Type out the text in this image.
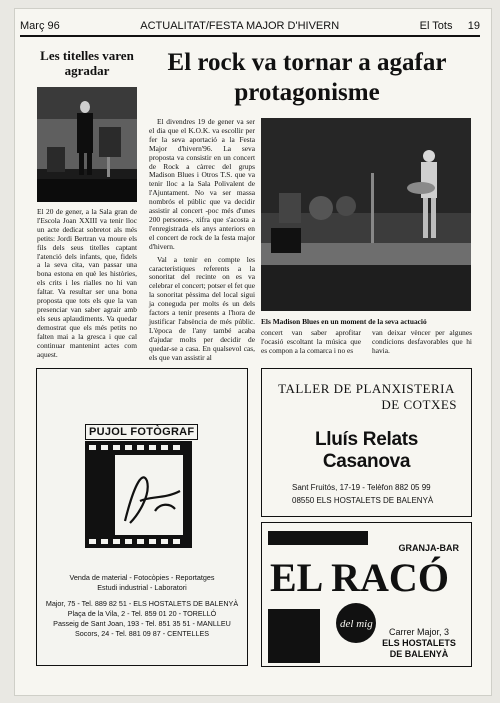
Març 96	ACTUALITAT/FESTA MAJOR D'HIVERN	El Tots 19
Les titelles varen agradar
El 20 de gener, a la Sala gran de l'Escola Joan XXIII va tenir lloc un acte dedicat sobretot als més petits: Jordi Bertran va moure els fils dels seus titelles captant l'atenció dels infants, que, fidels a la seva cita, van passar una bona estona en què les històries, els crits i les rialles no hi van faltar. Va resultar ser una bona proposta que tots els que la van presenciar van saber agrair amb els seus aplaudiments. Va quedar demostrat que els més petits no falten mai a la gresca i que cal continuar mantenint actes com aquest.
El rock va tornar a agafar protagonisme

El divendres 19 de gener va ser el dia que el K.O.K. va escollir per fer la seva aportació a la Festa Major d'hivern'96. La seva proposta va consistir en un concert de Rock a càrrec del grups Madison Blues i Otros T.S. que va tenir lloc a la Sala Polivalent de l'Ajuntament. No va ser massa nombrós el públic que va decidir assistir al concert -poc més d'unes 200 persones-, xifra que s'acosta a l'enregistrada els anys anteriors en el concert de rock de la festa major d'hivern.

Val a tenir en compte les característiques referents a la sonoritat del recinte on es va celebrar el concert; potser el fet que la sonoritat pèssima del local sigui ja coneguda per molts és un dels factors a tenir presents a l'hora de justificar l'absència de més públic. L'època de l'any també acaba d'ajudar molts per decidir de quedar-se a casa. En qualsevol cas, els que van assistir al

Els Madison Blues en un moment de la seva actuació
concert van saber aprofitar l'ocasió escoltant la música que es compon a la comarca i no es
van deixar vèncer per algunes condicions desfavorables que hi havia.
PUJOL FOTÒGRAF
Venda de material - Fotocòpies - Reportatges
Estudi industrial - Laboratori
Major, 75 - Tel. 889 82 51 - ELS HOSTALETS DE BALENYÀ
Plaça de la Vila, 2 - Tel. 859 01 20 - TORELLÓ
Passeig de Sant Joan, 193 - Tel. 851 35 51 - MANLLEU
Socors, 24 - Tel. 881 09 87 - CENTELLES
TALLER DE PLANXISTERIA
DE COTXES
Lluís Relats Casanova
Sant Fruitós, 17-19 - Telèfon 882 05 99
08550 ELS HOSTALETS DE BALENYÀ
EL RACÓ
del mig
GRANJA-BAR
Carrer Major, 3
ELS HOSTALETS
DE BALENYÀ
